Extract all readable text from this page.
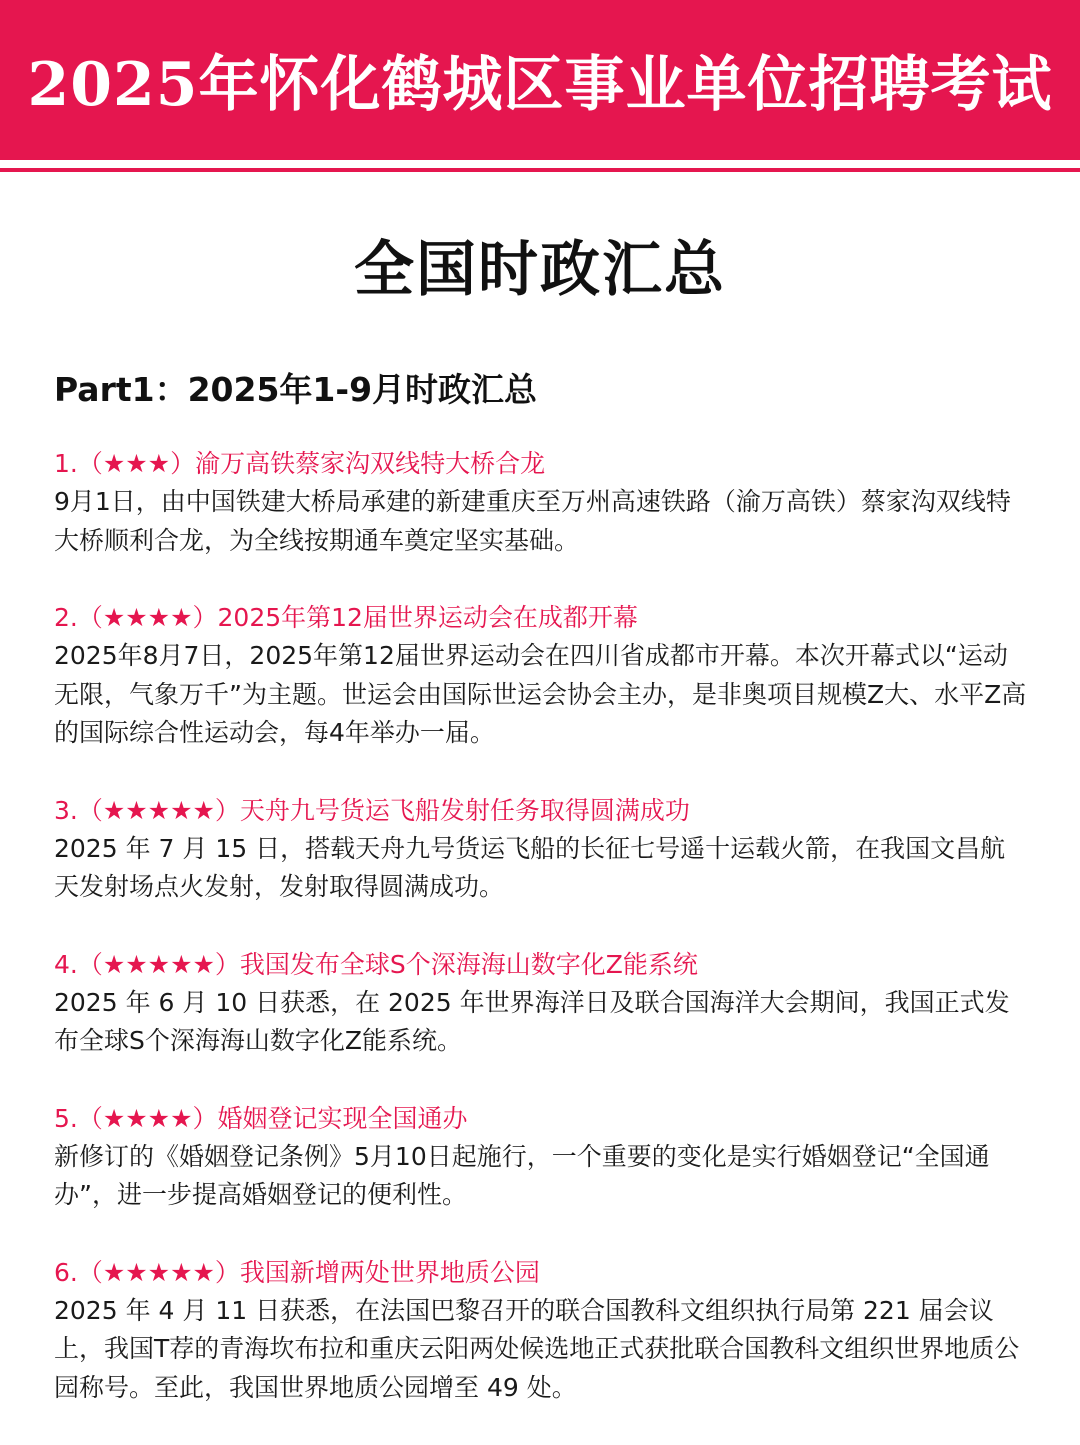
2025年怀化鹤城区事业单位招聘考试
全国时政汇总
Part1：2025年1-9月时政汇总
1.（★★★）渝万高铁蔡家沟双线特大桥合龙
9月1日，由中国铁建大桥局承建的新建重庆至万州高速铁路（渝万高铁）蔡家沟双线特大桥顺利合龙，为全线按期通车奠定坚实基础。
2.（★★★★）2025年第12届世界运动会在成都开幕
2025年8月7日，2025年第12届世界运动会在四川省成都市开幕。本次开幕式以“运动无限，气象万千”为主题。世运会由国际世运会协会主办，是非奥项目规模Z大、水平Z高的国际综合性运动会，每4年举办一届。
3.（★★★★★）天舟九号货运飞船发射任务取得圆满成功
2025 年 7 月 15 日，搭载天舟九号货运飞船的长征七号遥十运载火箭，在我国文昌航天发射场点火发射，发射取得圆满成功。
4.（★★★★★）我国发布全球S个深海海山数字化Z能系统
2025 年 6 月 10 日获悉，在 2025 年世界海洋日及联合国海洋大会期间，我国正式发布全球S个深海海山数字化Z能系统。
5.（★★★★）婚姻登记实现全国通办
新修订的《婚姻登记条例》5月10日起施行，一个重要的变化是实行婚姻登记“全国通办”，进一步提高婚姻登记的便利性。
6.（★★★★★）我国新增两处世界地质公园
2025 年 4 月 11 日获悉，在法国巴黎召开的联合国教科文组织执行局第 221 届会议上，我国T荐的青海坎布拉和重庆云阳两处候选地正式获批联合国教科文组织世界地质公园称号。至此，我国世界地质公园增至 49 处。
